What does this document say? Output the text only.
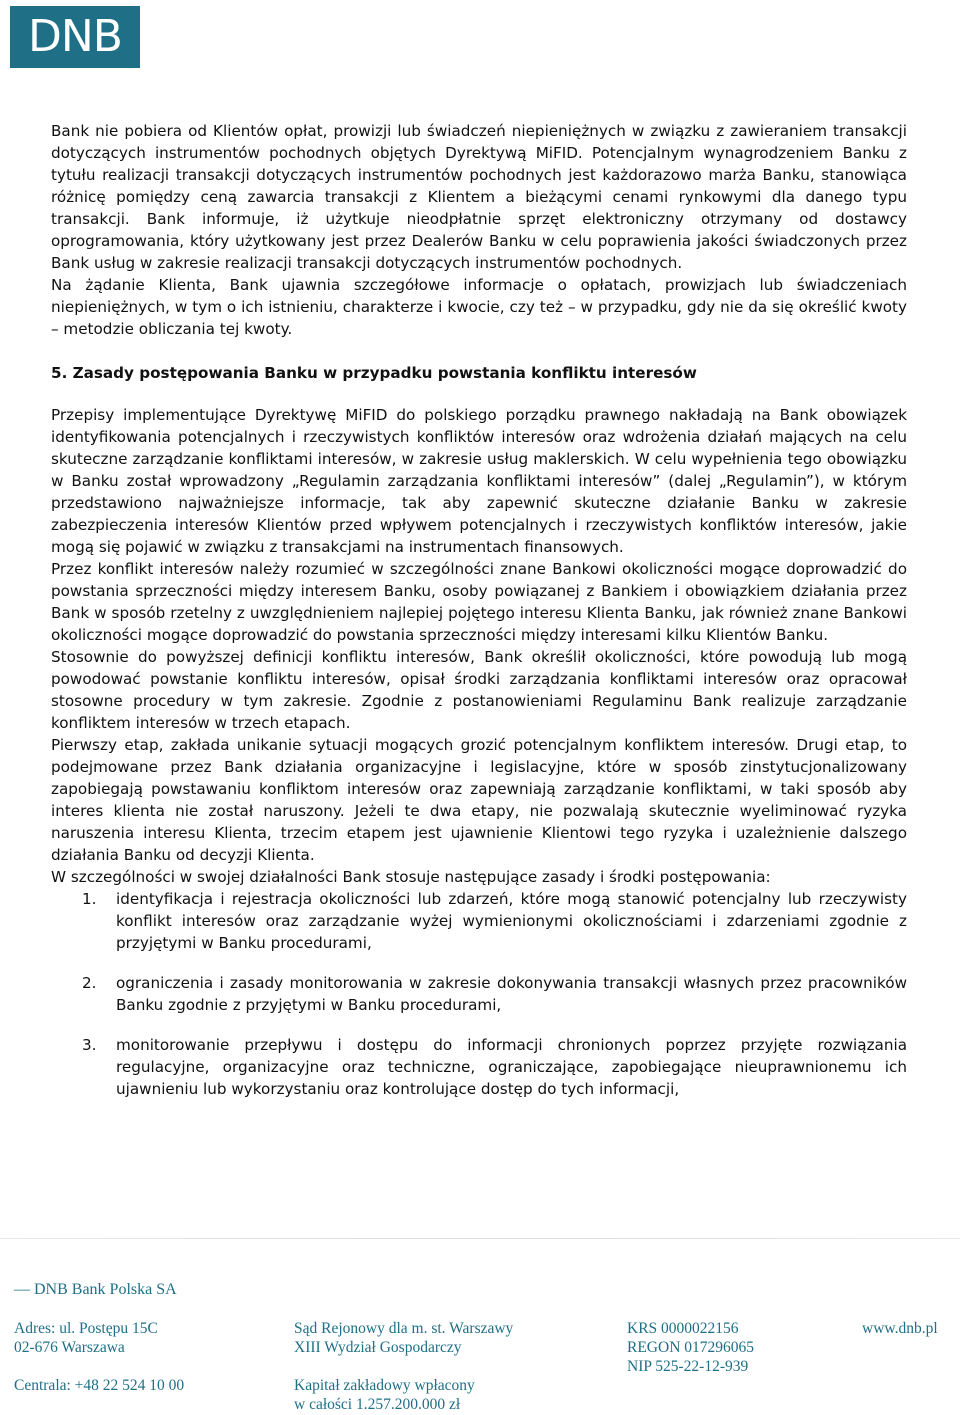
DNB

Bank nie pobiera od Klientów opłat, prowizji lub świadczeń niepieniężnych w związku z zawieraniem transakcji dotyczących instrumentów pochodnych objętych Dyrektywą MiFID. Potencjalnym wynagrodzeniem Banku z tytułu realizacji transakcji dotyczących instrumentów pochodnych jest każdorazowo marża Banku, stanowiąca różnicę pomiędzy ceną zawarcia transakcji z Klientem a bieżącymi cenami rynkowymi dla danego typu transakcji. Bank informuje, iż użytkuje nieodpłatnie sprzęt elektroniczny otrzymany od dostawcy oprogramowania, który użytkowany jest przez Dealerów Banku w celu poprawienia jakości świadczonych przez Bank usług w zakresie realizacji transakcji dotyczących instrumentów pochodnych.

Na żądanie Klienta, Bank ujawnia szczegółowe informacje o opłatach, prowizjach lub świadczeniach niepieniężnych, w tym o ich istnieniu, charakterze i kwocie, czy też – w przypadku, gdy nie da się określić kwoty – metodzie obliczania tej kwoty.

5. Zasady postępowania Banku w przypadku powstania konfliktu interesów

Przepisy implementujące Dyrektywę MiFID do polskiego porządku prawnego nakładają na Bank obowiązek identyfikowania potencjalnych i rzeczywistych konfliktów interesów oraz wdrożenia działań mających na celu skuteczne zarządzanie konfliktami interesów, w zakresie usług maklerskich. W celu wypełnienia tego obowiązku w Banku został wprowadzony „Regulamin zarządzania konfliktami interesów” (dalej „Regulamin”), w którym przedstawiono najważniejsze informacje, tak aby zapewnić skuteczne działanie Banku w zakresie zabezpieczenia interesów Klientów przed wpływem potencjalnych i rzeczywistych konfliktów interesów, jakie mogą się pojawić w związku z transakcjami na instrumentach finansowych.

Przez konflikt interesów należy rozumieć w szczególności znane Bankowi okoliczności mogące doprowadzić do powstania sprzeczności między interesem Banku, osoby powiązanej z Bankiem i obowiązkiem działania przez Bank w sposób rzetelny z uwzględnieniem najlepiej pojętego interesu Klienta Banku, jak również znane Bankowi okoliczności mogące doprowadzić do powstania sprzeczności między interesami kilku Klientów Banku.

Stosownie do powyższej definicji konfliktu interesów, Bank określił okoliczności, które powodują lub mogą powodować powstanie konfliktu interesów, opisał środki zarządzania konfliktami interesów oraz opracował stosowne procedury w tym zakresie. Zgodnie z postanowieniami Regulaminu Bank realizuje zarządzanie konfliktem interesów w trzech etapach.

Pierwszy etap, zakłada unikanie sytuacji mogących grozić potencjalnym konfliktem interesów. Drugi etap, to podejmowane przez Bank działania organizacyjne i legislacyjne, które w sposób zinstytucjonalizowany zapobiegają powstawaniu konfliktom interesów oraz zapewniają zarządzanie konfliktami, w taki sposób aby interes klienta nie został naruszony. Jeżeli te dwa etapy, nie pozwalają skutecznie wyeliminować ryzyka naruszenia interesu Klienta, trzecim etapem jest ujawnienie Klientowi tego ryzyka i uzależnienie dalszego działania Banku od decyzji Klienta.

W szczególności w swojej działalności Bank stosuje następujące zasady i środki postępowania:

1.	identyfikacja i rejestracja okoliczności lub zdarzeń, które mogą stanowić potencjalny lub rzeczywisty konflikt interesów oraz zarządzanie wyżej wymienionymi okolicznościami i zdarzeniami zgodnie z przyjętymi w Banku procedurami,
2.	ograniczenia i zasady monitorowania w zakresie dokonywania transakcji własnych przez pracowników Banku zgodnie z przyjętymi w Banku procedurami,
3.	monitorowanie przepływu i dostępu do informacji chronionych poprzez przyjęte rozwiązania regulacyjne, organizacyjne oraz techniczne, ograniczające, zapobiegające nieuprawnionemu ich ujawnieniu lub wykorzystaniu oraz kontrolujące dostęp do tych informacji,
— DNB Bank Polska SA
Adres: ul. Postępu 15C
02-676 Warszawa
Centrala: +48 22 524 10 00
Sąd Rejonowy dla m. st. Warszawy
XIII Wydział Gospodarczy
Kapitał zakładowy wpłacony
w całości 1.257.200.000 zł
KRS 0000022156
REGON 017296065
NIP 525-22-12-939
www.dnb.pl
